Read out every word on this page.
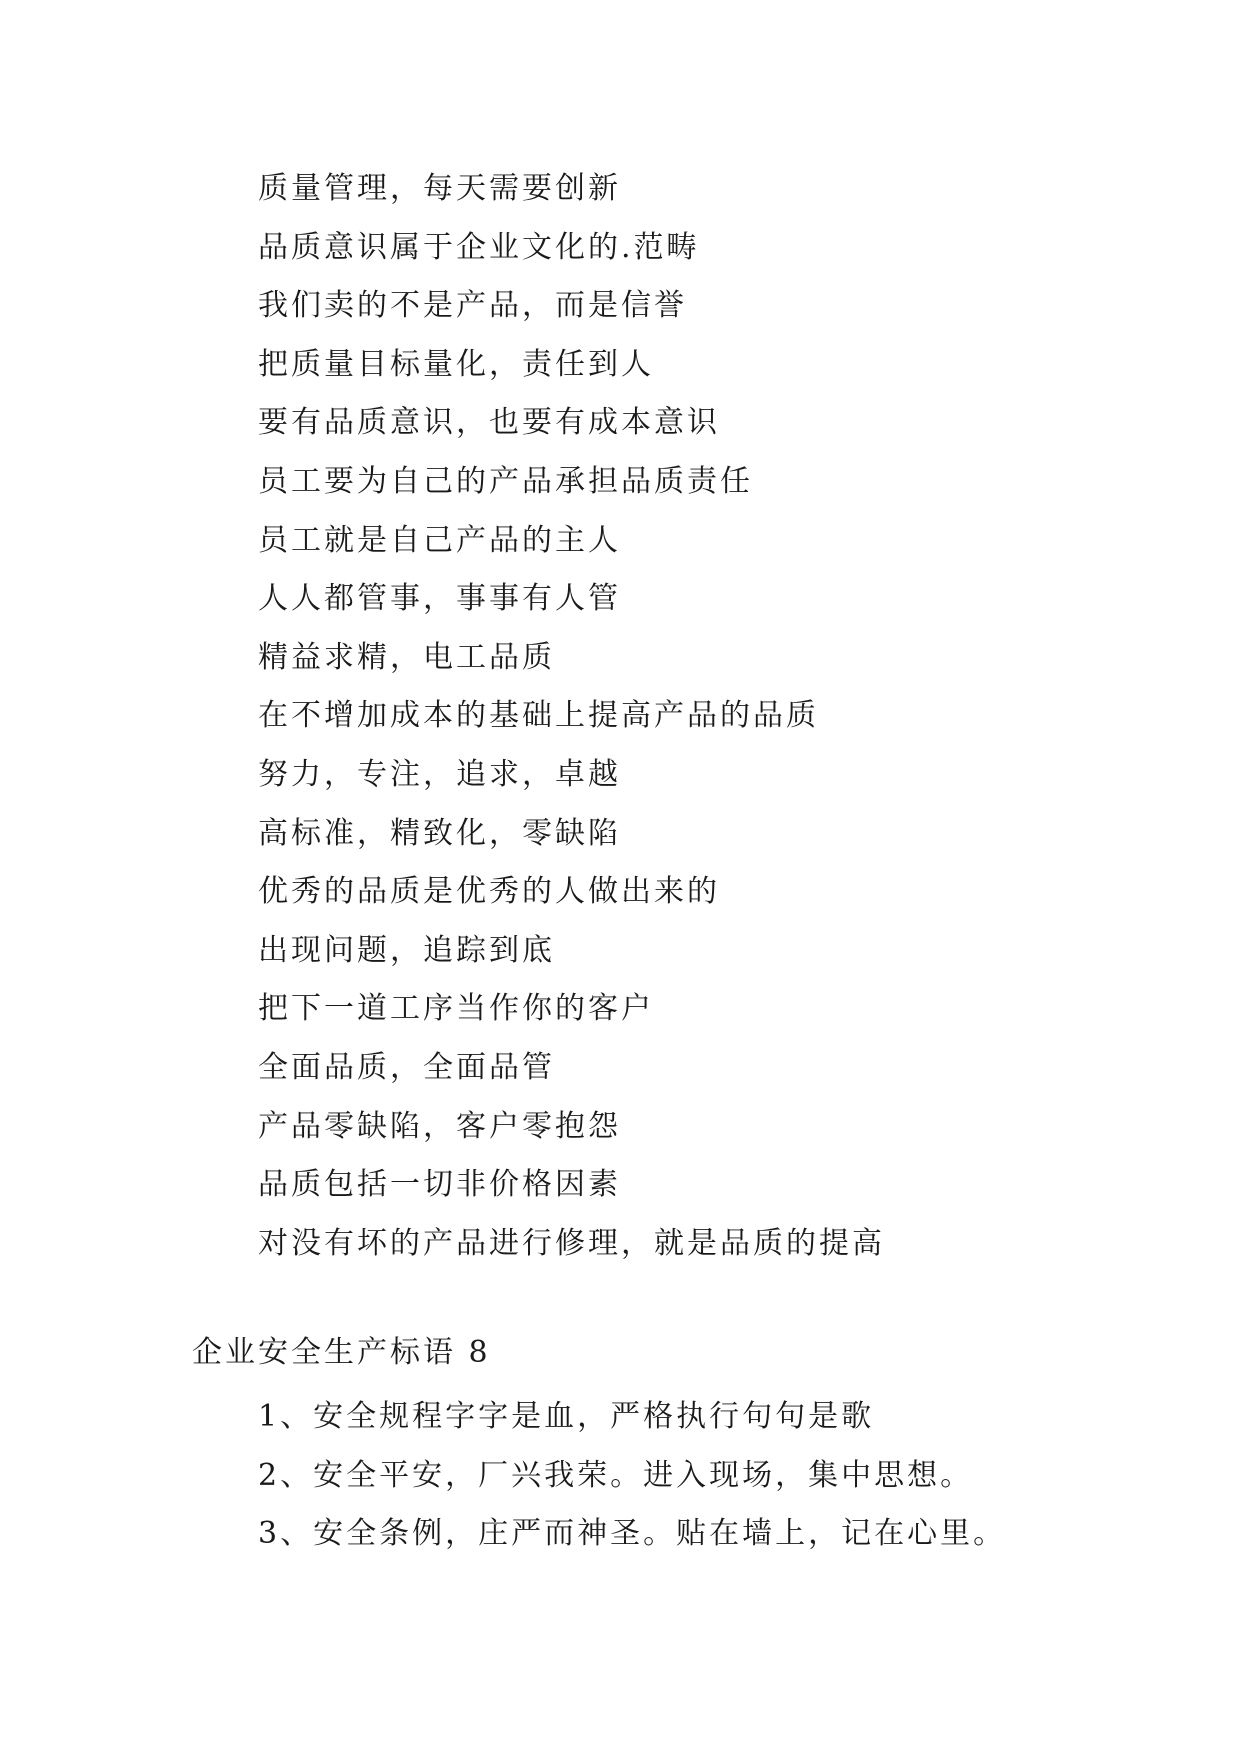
质量管理，每天需要创新
品质意识属于企业文化的.范畴
我们卖的不是产品，而是信誉
把质量目标量化，责任到人
要有品质意识，也要有成本意识
员工要为自己的产品承担品质责任
员工就是自己产品的主人
人人都管事，事事有人管
精益求精，电工品质
在不增加成本的基础上提高产品的品质
努力，专注，追求，卓越
高标准，精致化，零缺陷
优秀的品质是优秀的人做出来的
出现问题，追踪到底
把下一道工序当作你的客户
全面品质，全面品管
产品零缺陷，客户零抱怨
品质包括一切非价格因素
对没有坏的产品进行修理，就是品质的提高
企业安全生产标语 8
1、安全规程字字是血，严格执行句句是歌
2、安全平安，厂兴我荣。进入现场，集中思想。
3、安全条例，庄严而神圣。贴在墙上，记在心里。
